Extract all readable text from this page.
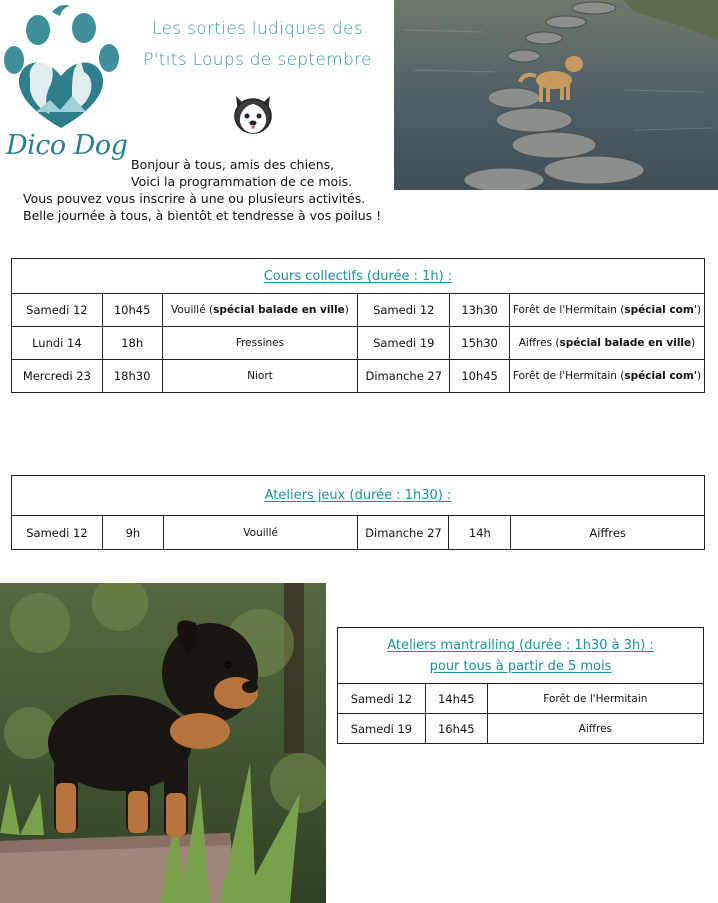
Dico Dog
Les sorties ludiques des
P'tits Loups de septembre
Bonjour à tous, amis des chiens,
Voici la programmation de ce mois.
Vous pouvez vous inscrire à une ou plusieurs activités.
Belle journée à tous, à bientôt et tendresse à vos poilus !
Cours collectifs (durée : 1h) :					
Samedi 12	10h45	Vouillé (spécial balade en ville)	Samedi 12	13h30	Forêt de l'Hermitain (spécial com')
Lundi 14	18h	Fressines	Samedi 19	15h30	Aiffres (spécial balade en ville)
Mercredi 23	18h30	Niort	Dimanche 27	10h45	Forêt de l'Hermitain (spécial com')
Ateliers jeux (durée : 1h30) :
Samedi 12	9h	Vouillé	Dimanche 27	14h	Aiffres
Ateliers mantrailing (durée : 1h30 à 3h) :
pour tous à partir de 5 mois		

Samedi 12	14h45	Forêt de l'Hermitain
Samedi 19	16h45	Aiffres
